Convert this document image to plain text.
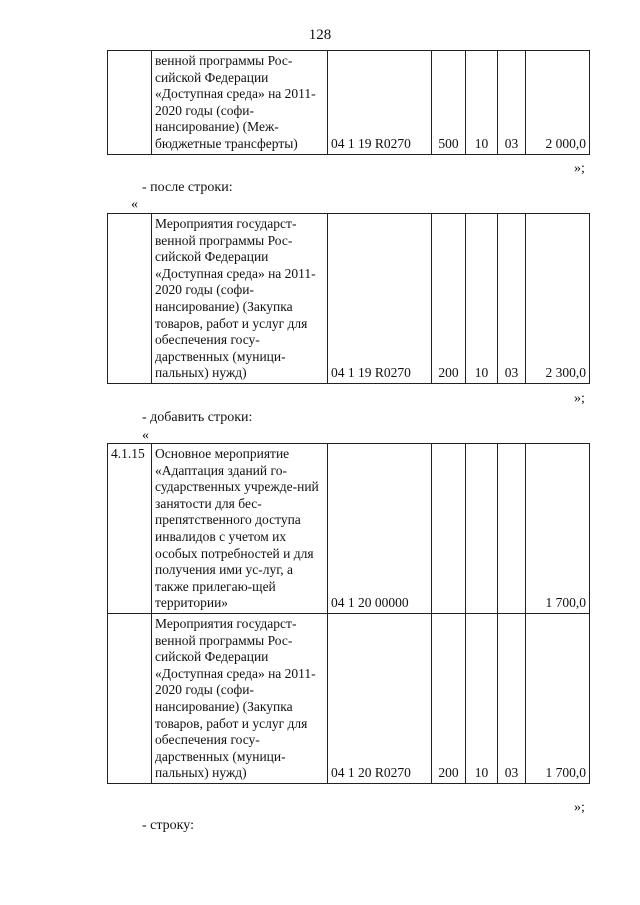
128
	венной программы Рос-сийской Федерации «Доступная среда» на 2011-2020 годы (софи-нансирование) (Меж-бюджетные трансферты)	04 1 19 R0270	500	10	03	2 000,0
»;
- после строки:
«
	Мероприятия государст-венной программы Рос-сийской Федерации «Доступная среда» на 2011-2020 годы (софи-нансирование) (Закупка товаров, работ и услуг для обеспечения госу-дарственных (муници-пальных) нужд)	04 1 19 R0270	200	10	03	2 300,0
»;
- добавить строки:
«
4.1.15	Основное мероприятие «Адаптация зданий го-сударственных учрежде-ний занятости для бес-препятственного доступа инвалидов с учетом их особых потребностей и для получения ими ус-луг, а также прилегаю-щей территории»	04 1 20 00000				1 700,0
	Мероприятия государст-венной программы Рос-сийской Федерации «Доступная среда» на 2011-2020 годы (софи-нансирование) (Закупка товаров, работ и услуг для обеспечения госу-дарственных (муници-пальных) нужд)	04 1 20 R0270	200	10	03	1 700,0
»;
- строку:
